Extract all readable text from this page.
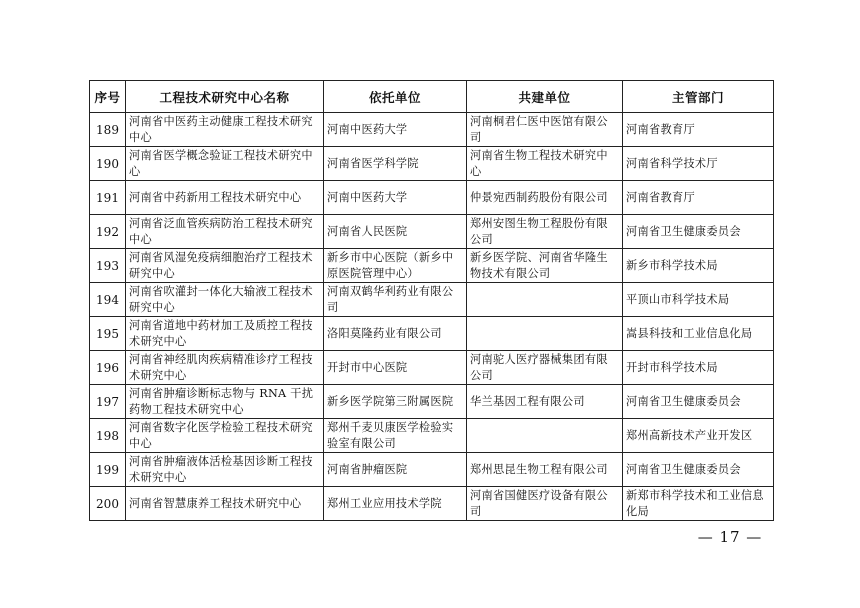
序号	工程技术研究中心名称	依托单位	共建单位	主管部门
189	河南省中医药主动健康工程技术研究中心	河南中医药大学	河南桐君仁医中医馆有限公司	河南省教育厅
190	河南省医学概念验证工程技术研究中心	河南省医学科学院	河南省生物工程技术研究中心	河南省科学技术厅
191	河南省中药新用工程技术研究中心	河南中医药大学	仲景宛西制药股份有限公司	河南省教育厅
192	河南省泛血管疾病防治工程技术研究中心	河南省人民医院	郑州安图生物工程股份有限公司	河南省卫生健康委员会
193	河南省风湿免疫病细胞治疗工程技术研究中心	新乡市中心医院（新乡中原医院管理中心）	新乡医学院、河南省华隆生物技术有限公司	新乡市科学技术局
194	河南省吹灌封一体化大输液工程技术研究中心	河南双鹤华利药业有限公司		平顶山市科学技术局
195	河南省道地中药材加工及质控工程技术研究中心	洛阳莫隆药业有限公司		嵩县科技和工业信息化局
196	河南省神经肌肉疾病精准诊疗工程技术研究中心	开封市中心医院	河南驼人医疗器械集团有限公司	开封市科学技术局
197	河南省肿瘤诊断标志物与 RNA 干扰药物工程技术研究中心	新乡医学院第三附属医院	华兰基因工程有限公司	河南省卫生健康委员会
198	河南省数字化医学检验工程技术研究中心	郑州千麦贝康医学检验实验室有限公司		郑州高新技术产业开发区
199	河南省肿瘤液体活检基因诊断工程技术研究中心	河南省肿瘤医院	郑州思昆生物工程有限公司	河南省卫生健康委员会
200	河南省智慧康养工程技术研究中心	郑州工业应用技术学院	河南省国健医疗设备有限公司	新郑市科学技术和工业信息化局
— 17 —
